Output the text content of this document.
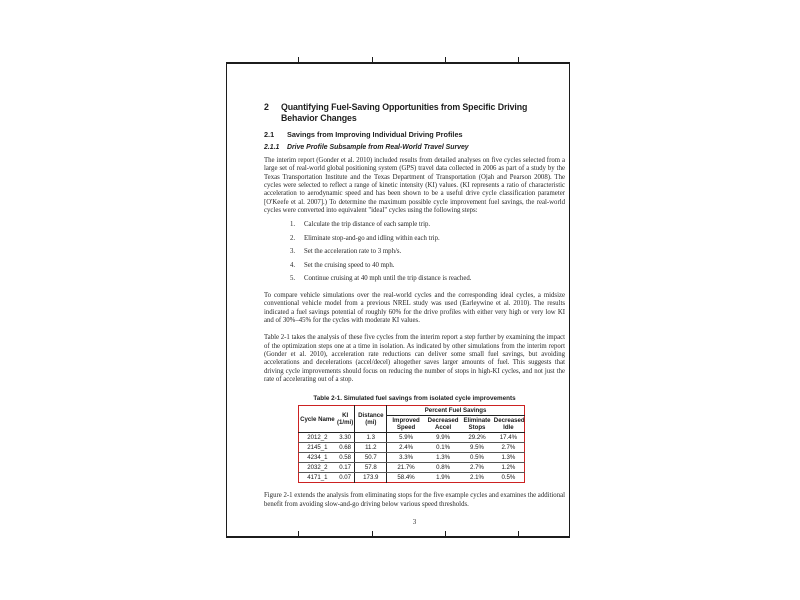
2	Quantifying Fuel-Saving Opportunities from Specific Driving Behavior Changes
2.1	Savings from Improving Individual Driving Profiles
2.1.1	Drive Profile Subsample from Real-World Travel Survey

The interim report (Gonder et al. 2010) included results from detailed analyses on five cycles selected from a large set of real-world global positioning system (GPS) travel data collected in 2006 as part of a study by the Texas Transportation Institute and the Texas Department of Transportation (Ojah and Pearson 2008). The cycles were selected to reflect a range of kinetic intensity (KI) values. (KI represents a ratio of characteristic acceleration to aerodynamic speed and has been shown to be a useful drive cycle classification parameter [O'Keefe et al. 2007].) To determine the maximum possible cycle improvement fuel savings, the real-world cycles were converted into equivalent "ideal" cycles using the following steps:

1.	Calculate the trip distance of each sample trip.
2.	Eliminate stop-and-go and idling within each trip.
3.	Set the acceleration rate to 3 mph/s.
4.	Set the cruising speed to 40 mph.
5.	Continue cruising at 40 mph until the trip distance is reached.

To compare vehicle simulations over the real-world cycles and the corresponding ideal cycles, a midsize conventional vehicle model from a previous NREL study was used (Earleywine et al. 2010). The results indicated a fuel savings potential of roughly 60% for the drive profiles with either very high or very low KI and of 30%–45% for the cycles with moderate KI values.

Table 2-1 takes the analysis of these five cycles from the interim report a step further by examining the impact of the optimization steps one at a time in isolation. As indicated by other simulations from the interim report (Gonder et al. 2010), acceleration rate reductions can deliver some small fuel savings, but avoiding accelerations and decelerations (accel/decel) altogether saves larger amounts of fuel. This suggests that driving cycle improvements should focus on reducing the number of stops in high-KI cycles, and not just the rate of accelerating out of a stop.

Table 2-1. Simulated fuel savings from isolated cycle improvements
Cycle Name	KI (1/mi)	Distance (mi)	Percent Fuel Savings			
			Improved Speed	Decreased Accel	Eliminate Stops	Decreased Idle
2012_2	3.30	1.3	5.9%	9.9%	29.2%	17.4%
2145_1	0.68	11.2	2.4%	0.1%	9.5%	2.7%
4234_1	0.58	50.7	3.3%	1.3%	0.5%	1.3%
2032_2	0.17	57.8	21.7%	0.8%	2.7%	1.2%
4171_1	0.07	173.9	58.4%	1.9%	2.1%	0.5%

Figure 2-1 extends the analysis from eliminating stops for the five example cycles and examines the additional benefit from avoiding slow-and-go driving below various speed thresholds.

3
